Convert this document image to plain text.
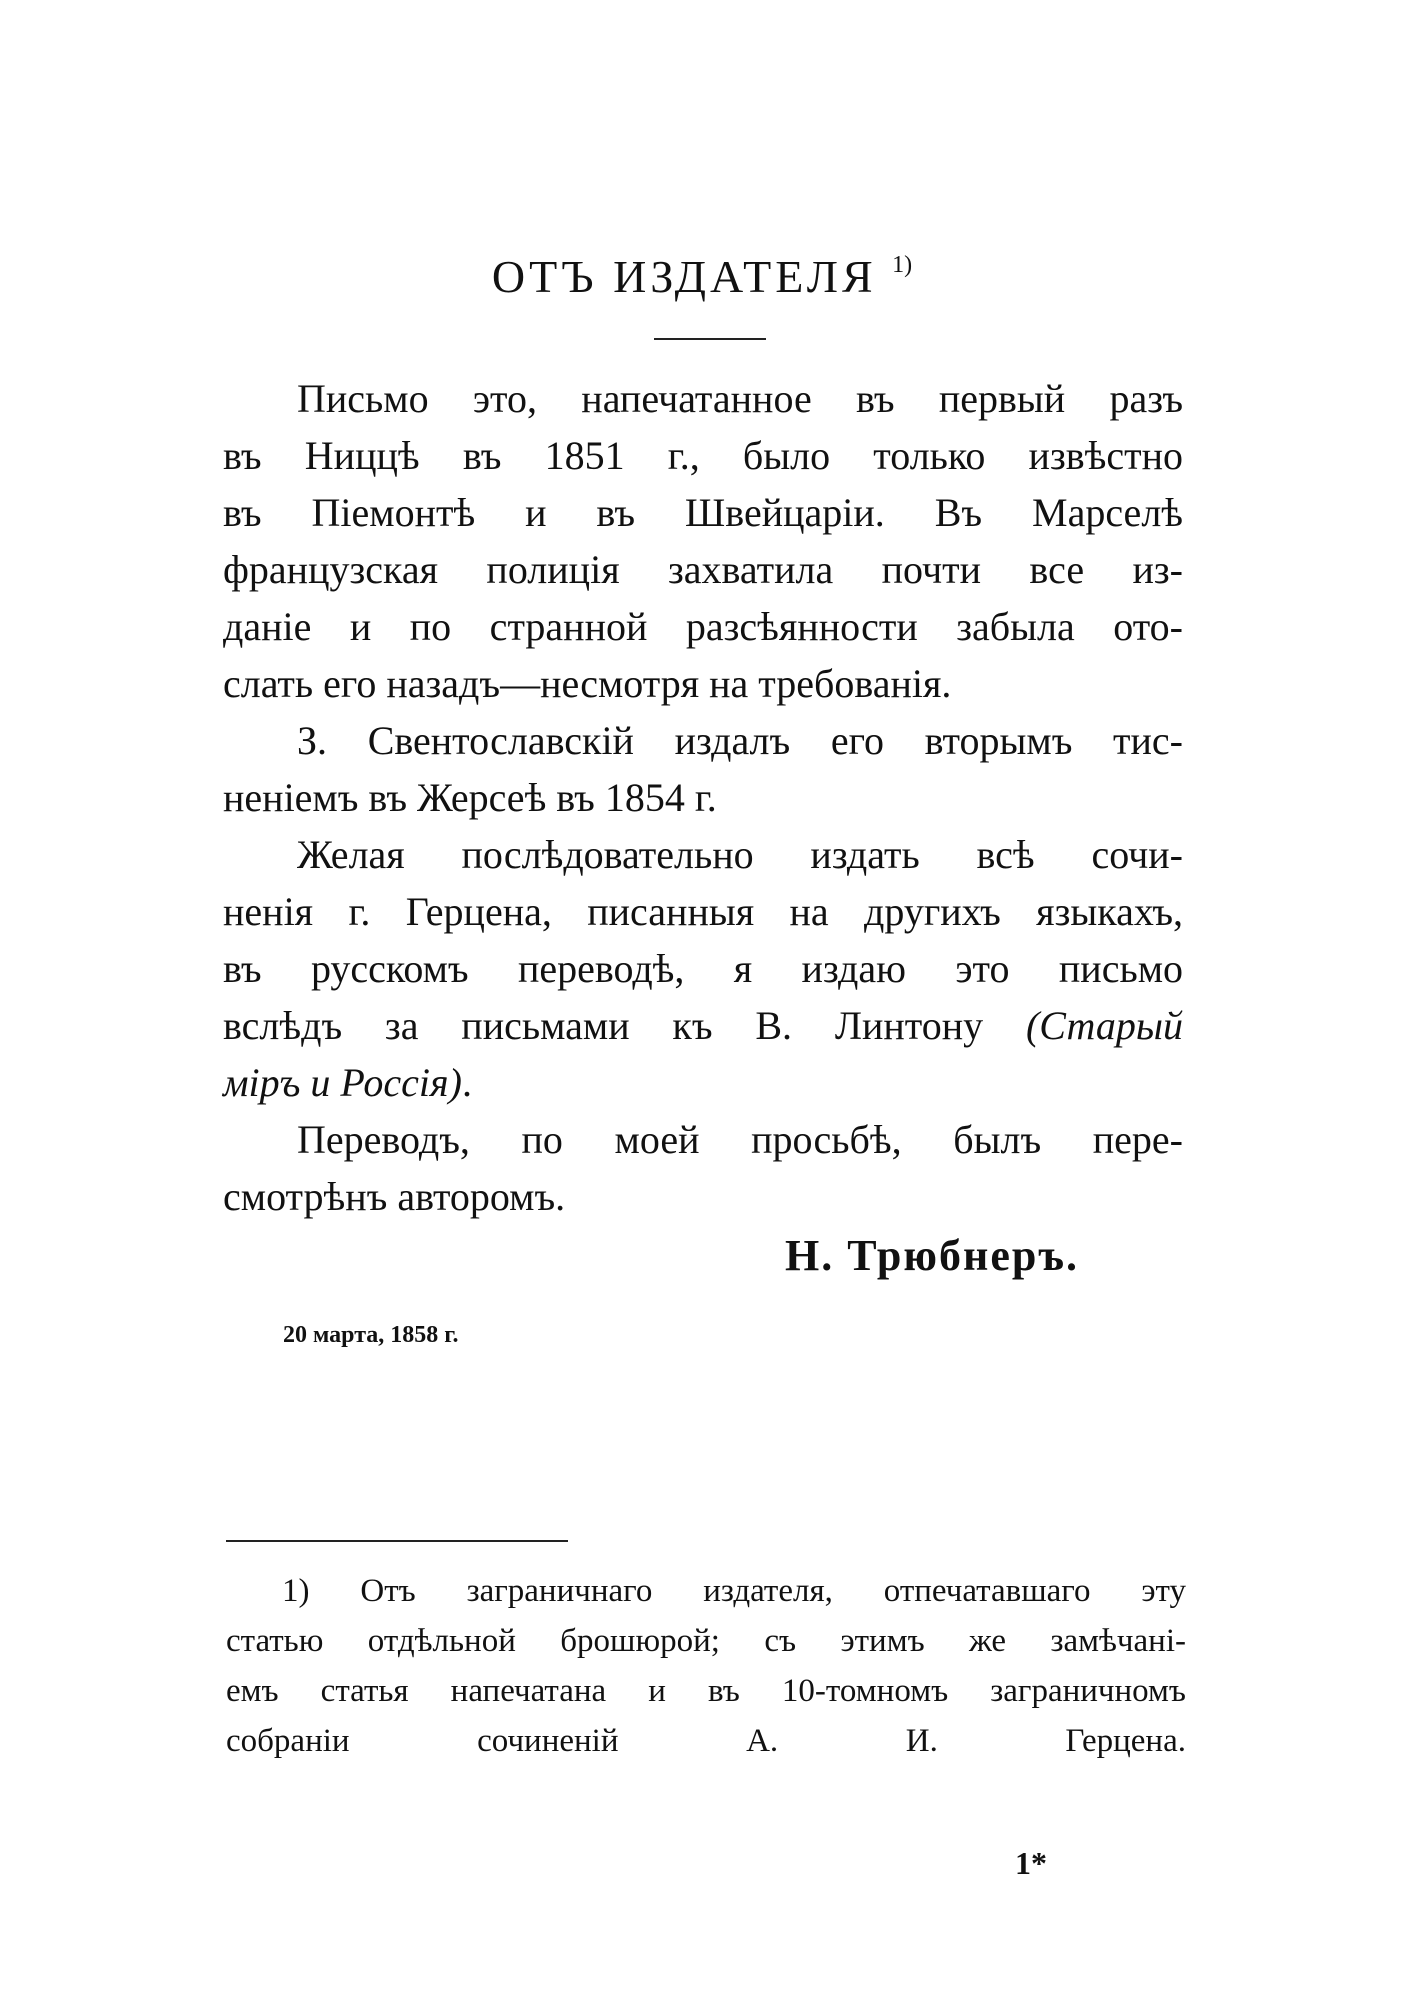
ОТЪ ИЗДАТЕЛЯ $^{1)}$
Письмо это, напечатанное въ первый разъ
въ Ниццѣ въ 1851 г., было только извѣстно
въ Піемонтѣ и въ Швейцаріи. Въ Марселѣ
французская полиція захватила почти все из-
даніе и по странной разсѣянности забыла ото-
слать его назадъ—несмотря на требованія.
З. Свентославскій издалъ его вторымъ тис-
неніемъ въ Жерсеѣ въ 1854 г.
Желая послѣдовательно издать всѣ сочи-
ненія г. Герцена, писанныя на другихъ языкахъ,
въ русскомъ переводѣ, я издаю это письмо
вслѣдъ за письмами къ В. Линтону (Старый
міръ и Россія).
Переводъ, по моей просьбѣ, былъ пере-
смотрѣнъ авторомъ.
Н. Трюбнеръ.
20 марта, 1858 г.
1) Отъ заграничнаго издателя, отпечатавшаго эту
статью отдѣльной брошюрой; съ этимъ же замѣчані-
емъ статья напечатана и въ 10-томномъ заграничномъ
собраніи сочиненій А. И. Герцена.
1*
